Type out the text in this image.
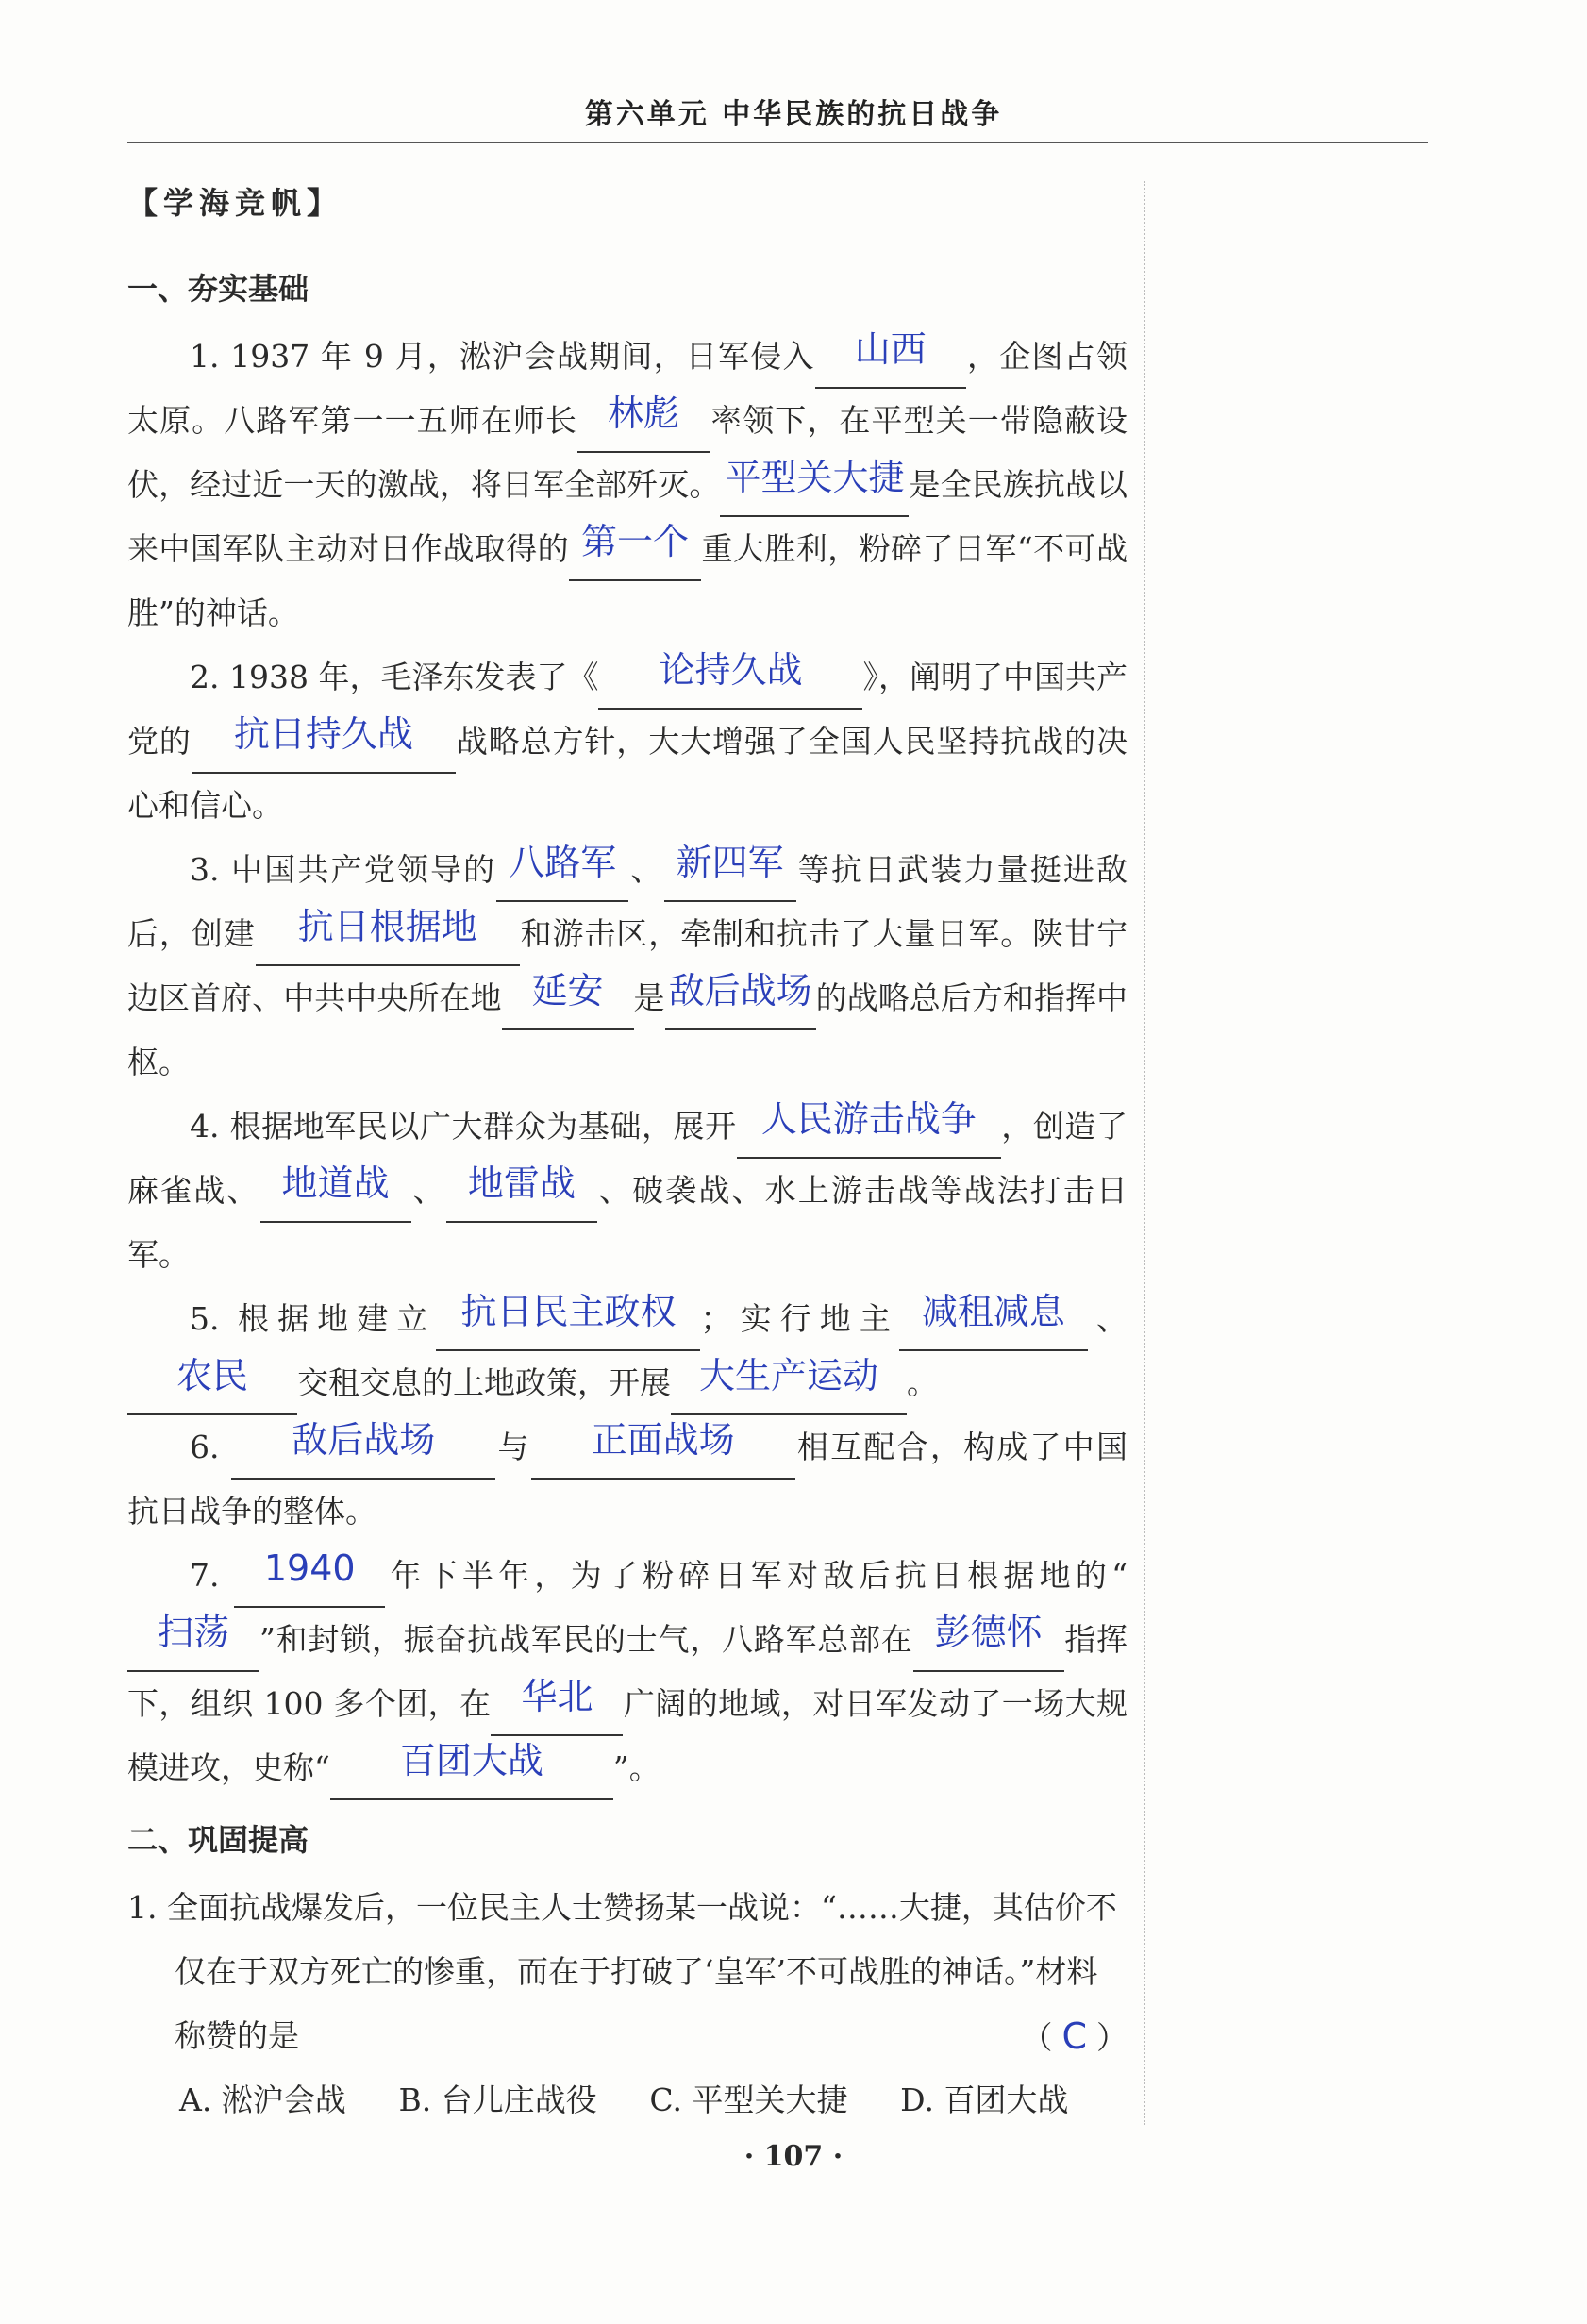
第六单元 中华民族的抗日战争
【学海竞帆】
一、夯实基础
1. 1937 年 9 月，淞沪会战期间，日军侵入 山西 ，企图占领太原。八路军第一一五师在师长 林彪 率领下，在平型关一带隐蔽设伏，经过近一天的激战，将日军全部歼灭。 平型关大捷 是全民族抗战以来中国军队主动对日作战取得的 第一个 重大胜利，粉碎了日军“不可战胜”的神话。
2. 1938 年，毛泽东发表了《 论持久战 》，阐明了中国共产党的 抗日持久战 战略总方针，大大增强了全国人民坚持抗战的决心和信心。
3. 中国共产党领导的 八路军 、 新四军 等抗日武装力量挺进敌后，创建 抗日根据地 和游击区，牵制和抗击了大量日军。陕甘宁边区首府、中共中央所在地 延安 是 敌后战场 的战略总后方和指挥中枢。
4. 根据地军民以广大群众为基础，展开 人民游击战争 ，创造了麻雀战、 地道战 、 地雷战 、破袭战、水上游击战等战法打击日军。
5. 根据地建立 抗日民主政权 ；实行地主 减租减息 、农民 交租交息的土地政策，开展 大生产运动 。
6. 敌后战场 与 正面战场 相互配合，构成了中国抗日战争的整体。
7. 1940 年下半年，为了粉碎日军对敌后抗日根据地的“扫荡 ”和封锁，振奋抗战军民的士气，八路军总部在 彭德怀 指挥下，组织 100 多个团，在 华北 广阔的地域，对日军发动了一场大规模进攻，史称“ 百团大战 ”。
二、巩固提高
1. 全面抗战爆发后，一位民主人士赞扬某一战说：“……大捷，其估价不仅在于双方死亡的惨重，而在于打破了‘皇军’不可战胜的神话。”材料称赞的是	（ C ）
A. 淞沪会战 B. 台儿庄战役 C. 平型关大捷 D. 百团大战
· 107 ·
